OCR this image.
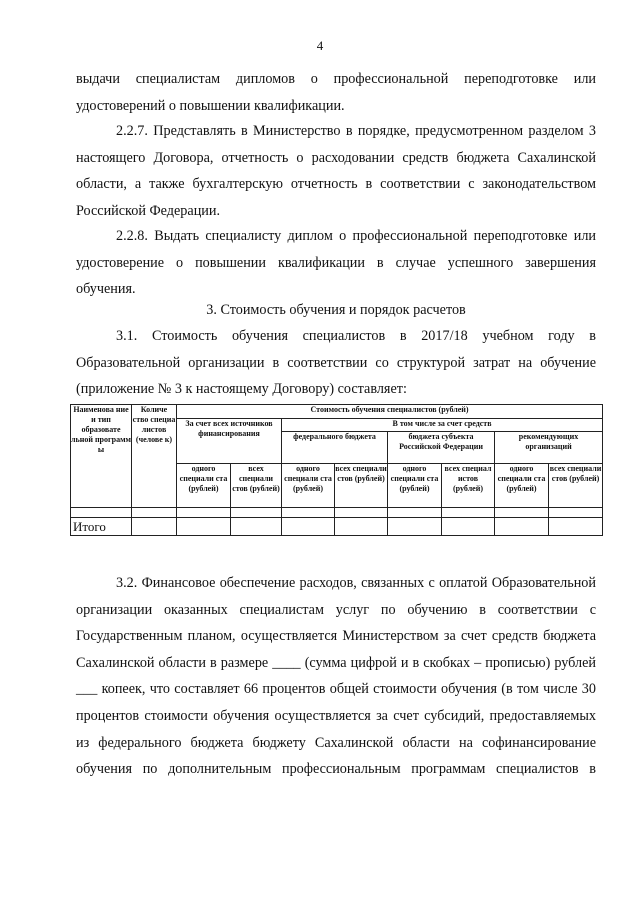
4

выдачи специалистам дипломов о профессиональной переподготовке или удостоверений о повышении квалификации.

2.2.7. Представлять в Министерство в порядке, предусмотренном разделом 3 настоящего Договора, отчетность о расходовании средств бюджета Сахалинской области, а также бухгалтерскую отчетность в соответствии с законодательством Российской Федерации.

2.2.8. Выдать специалисту диплом о профессиональной переподготовке или удостоверение о повышении квалификации в случае успешного завершения обучения.

3. Стоимость обучения и порядок расчетов

3.1. Стоимость обучения специалистов в 2017/18 учебном году в Образовательной организации в соответствии со структурой затрат на обучение (приложение № 3 к настоящему Договору) составляет:

Наименова ние и тип образовате льной программ ы	Количе ство специа листов (челове к)	Стоимость обучения специалистов (рублей)							
		За счет всех источников финансирования		В том числе за счет средств					
				федерального бюджета		бюджета субъекта Российской Федерации		рекомендующих организаций	
		одного специали ста (рублей)	всех специали стов (рублей)	одного специали ста (рублей)	всех специали стов (рублей)	одного специали ста (рублей)	всех специал истов (рублей)	одного специали ста (рублей)	всех специали стов (рублей)

Итого									

3.2. Финансовое обеспечение расходов, связанных с оплатой Образовательной организации оказанных специалистам услуг по обучению в соответствии с Государственным планом, осуществляется Министерством за счет средств бюджета Сахалинской области в размере ____ (сумма цифрой и в скобках – прописью) рублей ___ копеек, что составляет 66 процентов общей стоимости обучения (в том числе 30 процентов стоимости обучения осуществляется за счет субсидий, предоставляемых из федерального бюджета бюджету Сахалинской области на софинансирование обучения по дополнительным профессиональным программам специалистов в
